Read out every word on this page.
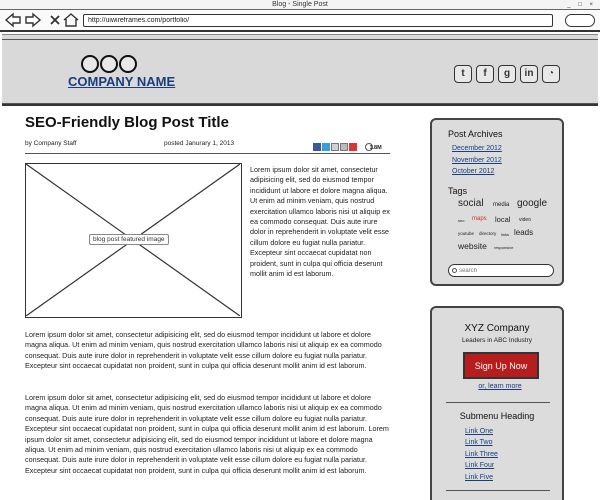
Blog - Single Post	_ □ ×
http://uiwireframes.com/portfolio/
COMPANY NAME
t f g in ◔
SEO-Friendly Blog Post Title
by Company Staff	posted Janurary 1, 2013
1.8M
blog post featured image

Lorem ipsum dolor sit amet, consectetur adipisicing elit, sed do eiusmod tempor incididunt ut labore et dolore magna aliqua. Ut enim ad minim veniam, quis nostrud exercitation ullamco laboris nisi ut aliquip ex ea commodo consequat. Duis aute irure dolor in reprehenderit in voluptate velit esse cillum dolore eu fugiat nulla pariatur. Excepteur sint occaecat cupidatat non proident, sunt in culpa qui officia deserunt mollit anim id est laborum.

Lorem ipsum dolor sit amet, consectetur adipisicing elit, sed do eiusmod tempor incididunt ut labore et dolore magna aliqua. Ut enim ad minim veniam, quis nostrud exercitation ullamco laboris nisi ut aliquip ex ea commodo consequat. Duis aute irure dolor in reprehenderit in voluptate velit esse cillum dolore eu fugiat nulla pariatur. Excepteur sint occaecat cupidatat non proident, sunt in culpa qui officia deserunt mollit anim id est laborum.

Lorem ipsum dolor sit amet, consectetur adipisicing elit, sed do eiusmod tempor incididunt ut labore et dolore magna aliqua. Ut enim ad minim veniam, quis nostrud exercitation ullamco laboris nisi ut aliquip ex ea commodo consequat. Duis aute irure dolor in reprehenderit in voluptate velit esse cillum dolore eu fugiat nulla pariatur. Excepteur sint occaecat cupidatat non proident, sunt in culpa qui officia deserunt mollit anim id est laborum. Lorem ipsum dolor sit amet, consectetur adipisicing elit, sed do eiusmod tempor incididunt ut labore et dolore magna aliqua. Ut enim ad minim veniam, quis nostrud exercitation ullamco laboris nisi ut aliquip ex ea commodo consequat. Duis aute irure dolor in reprehenderit in voluptate velit esse cillum dolore eu fugiat nulla pariatur. Excepteur sint occaecat cupidatat non proident, sunt in culpa qui officia deserunt mollit anim id est laborum.

Post Archives
December 2012
November 2012
October 2012
Tags
social media google
seo maps local video
youtube directory links leads
website responsive
search
XYZ Company
Leaders in ABC Industry
Sign Up Now
or, learn more
Submenu Heading
Link One
Link Two
Link Three
Link Four
Link Five
